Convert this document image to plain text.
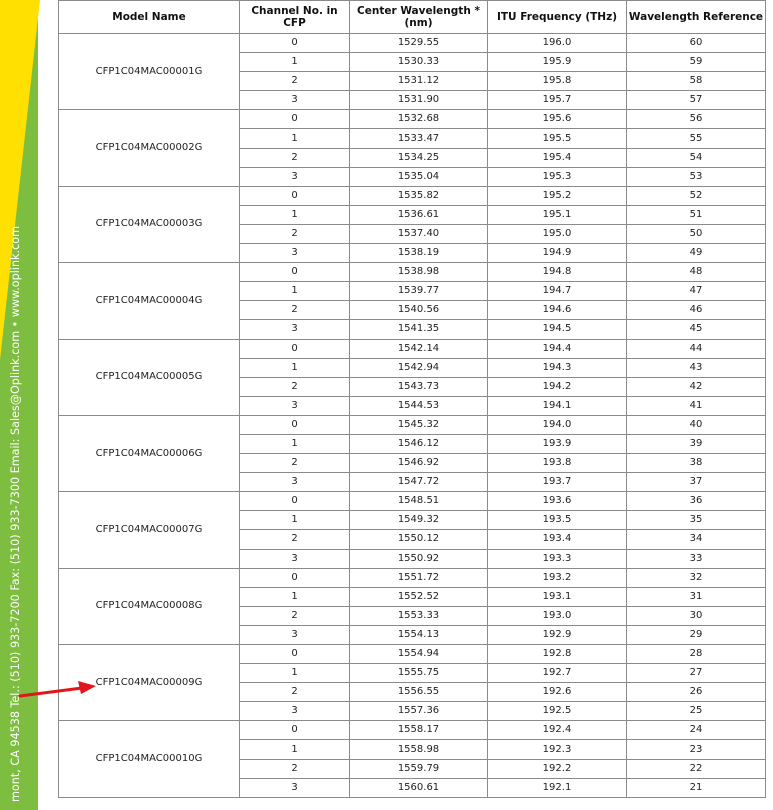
mont, CA 94538 Tel.: (510) 933-7200 Fax: (510) 933-7300 Email: Sales@Oplink.com • www.oplink.com
Model Name	Channel No. in CFP	Center Wavelength * (nm)	ITU Frequency (THz)	Wavelength Reference
CFP1C04MAC00001G	0	1529.55	196.0	60
	1	1530.33	195.9	59
	2	1531.12	195.8	58
	3	1531.90	195.7	57
CFP1C04MAC00002G	0	1532.68	195.6	56
	1	1533.47	195.5	55
	2	1534.25	195.4	54
	3	1535.04	195.3	53
CFP1C04MAC00003G	0	1535.82	195.2	52
	1	1536.61	195.1	51
	2	1537.40	195.0	50
	3	1538.19	194.9	49
CFP1C04MAC00004G	0	1538.98	194.8	48
	1	1539.77	194.7	47
	2	1540.56	194.6	46
	3	1541.35	194.5	45
CFP1C04MAC00005G	0	1542.14	194.4	44
	1	1542.94	194.3	43
	2	1543.73	194.2	42
	3	1544.53	194.1	41
CFP1C04MAC00006G	0	1545.32	194.0	40
	1	1546.12	193.9	39
	2	1546.92	193.8	38
	3	1547.72	193.7	37
CFP1C04MAC00007G	0	1548.51	193.6	36
	1	1549.32	193.5	35
	2	1550.12	193.4	34
	3	1550.92	193.3	33
CFP1C04MAC00008G	0	1551.72	193.2	32
	1	1552.52	193.1	31
	2	1553.33	193.0	30
	3	1554.13	192.9	29
CFP1C04MAC00009G	0	1554.94	192.8	28
	1	1555.75	192.7	27
	2	1556.55	192.6	26
	3	1557.36	192.5	25
CFP1C04MAC00010G	0	1558.17	192.4	24
	1	1558.98	192.3	23
	2	1559.79	192.2	22
	3	1560.61	192.1	21
